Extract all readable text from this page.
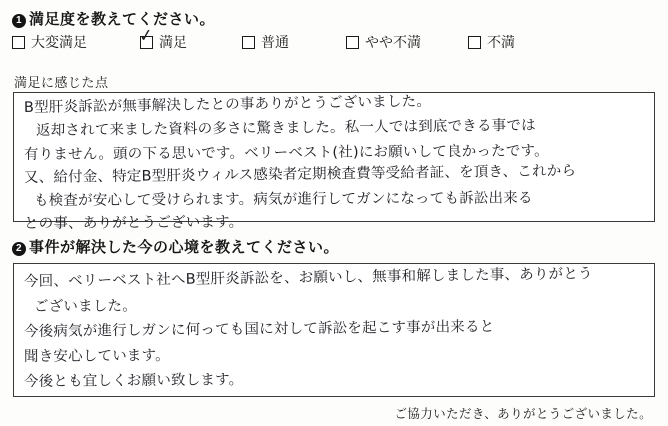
1 満足度を教えてください。
大変満足	✓ 満足	普通	やや不満	不満
満足に感じた点
B型肝炎訴訟が無事解決したとの事ありがとうございました。
返却されて来ました資料の多さに驚きました。私一人では到底できる事では
有りません。頭の下る思いです。ベリーベスト(社)にお願いして良かったです。
又、給付金、特定B型肝炎ウィルス感染者定期検査費等受給者証、を頂き、これから
も検査が安心して受けられます。病気が進行してガンになっても訴訟出来る
との事、ありがとうございます。
2 事件が解決した今の心境を教えてください。
今回、ベリーベスト社へB型肝炎訴訟を、お願いし、無事和解しました事、ありがとう
ございました。
今後病気が進行しガンに何っても国に対して訴訟を起こす事が出来ると
聞き安心しています。
今後とも宜しくお願い致します。
ご協力いただき、ありがとうございました。
